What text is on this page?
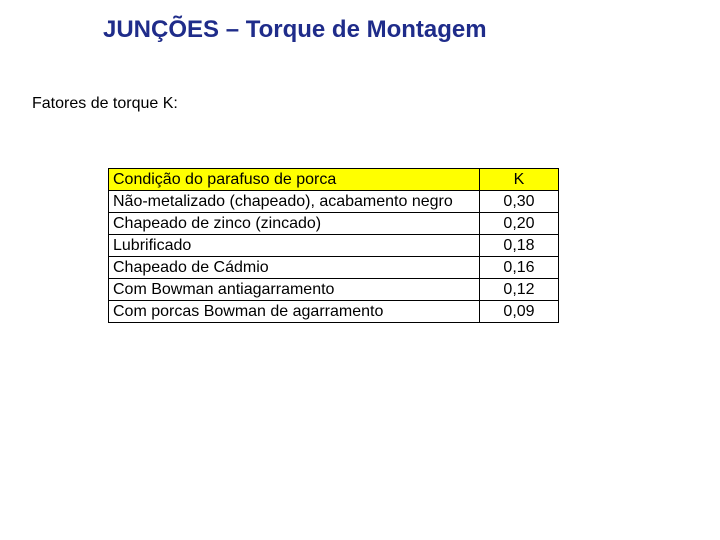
JUNÇÕES – Torque de Montagem
Fatores de torque K:
Condição do parafuso de porca	K
Não-metalizado (chapeado), acabamento negro	0,30
Chapeado de zinco (zincado)	0,20
Lubrificado	0,18
Chapeado de Cádmio	0,16
Com Bowman antiagarramento	0,12
Com porcas Bowman de agarramento	0,09
